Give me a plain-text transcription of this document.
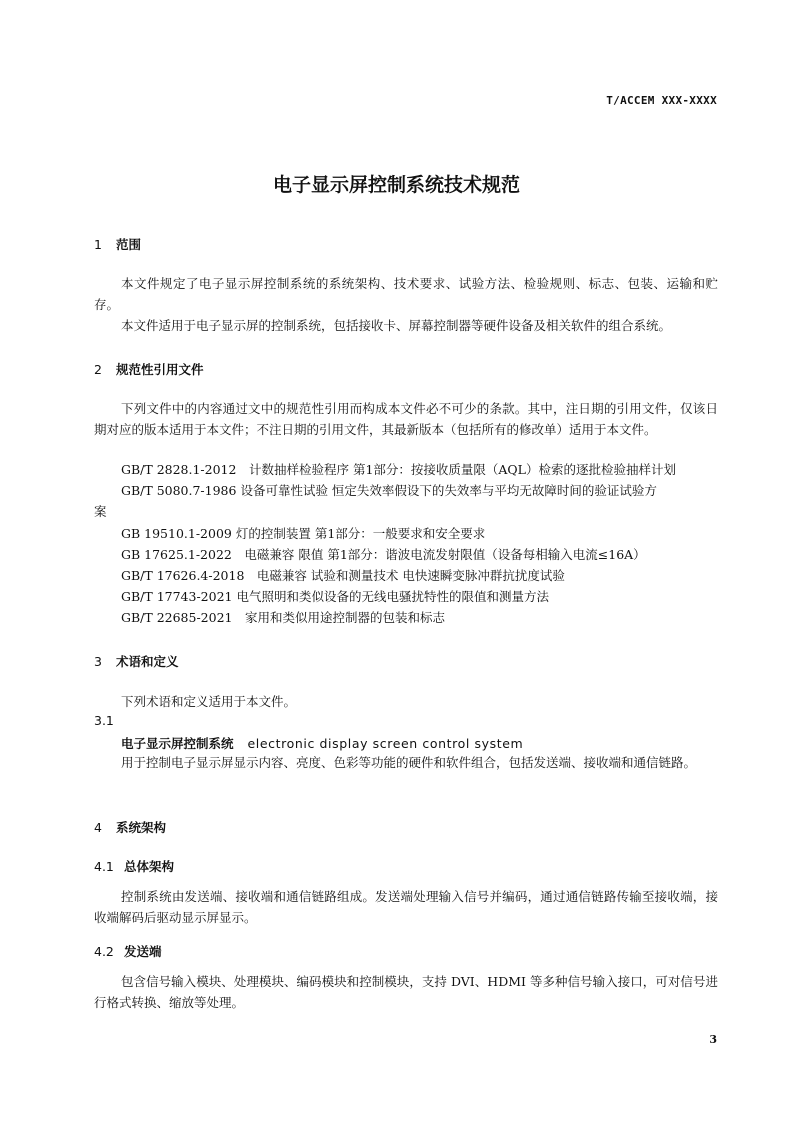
T/ACCEM XXX-XXXX
电子显示屏控制系统技术规范
1 范围
本文件规定了电子显示屏控制系统的系统架构、技术要求、试验方法、检验规则、标志、包装、运输和贮存。
本文件适用于电子显示屏的控制系统，包括接收卡、屏幕控制器等硬件设备及相关软件的组合系统。
2 规范性引用文件
下列文件中的内容通过文中的规范性引用而构成本文件必不可少的条款。其中，注日期的引用文件，仅该日期对应的版本适用于本文件；不注日期的引用文件，其最新版本（包括所有的修改单）适用于本文件。
GB/T 2828.1-2012　计数抽样检验程序 第1部分：按接收质量限（AQL）检索的逐批检验抽样计划
GB/T 5080.7-1986 设备可靠性试验 恒定失效率假设下的失效率与平均无故障时间的验证试验方
案
GB 19510.1-2009 灯的控制装置 第1部分：一般要求和安全要求
GB 17625.1-2022　电磁兼容 限值 第1部分：谐波电流发射限值（设备每相输入电流≤16A）
GB/T 17626.4-2018　电磁兼容 试验和测量技术 电快速瞬变脉冲群抗扰度试验
GB/T 17743-2021 电气照明和类似设备的无线电骚扰特性的限值和测量方法
GB/T 22685-2021　家用和类似用途控制器的包装和标志
3 术语和定义
下列术语和定义适用于本文件。
3.1
电子显示屏控制系统 electronic display screen control system
用于控制电子显示屏显示内容、亮度、色彩等功能的硬件和软件组合，包括发送端、接收端和通信链路。
4 系统架构
4.1 总体架构
控制系统由发送端、接收端和通信链路组成。发送端处理输入信号并编码，通过通信链路传输至接收端，接收端解码后驱动显示屏显示。
4.2 发送端
包含信号输入模块、处理模块、编码模块和控制模块，支持 DVI、HDMI 等多种信号输入接口，可对信号进行格式转换、缩放等处理。
3
